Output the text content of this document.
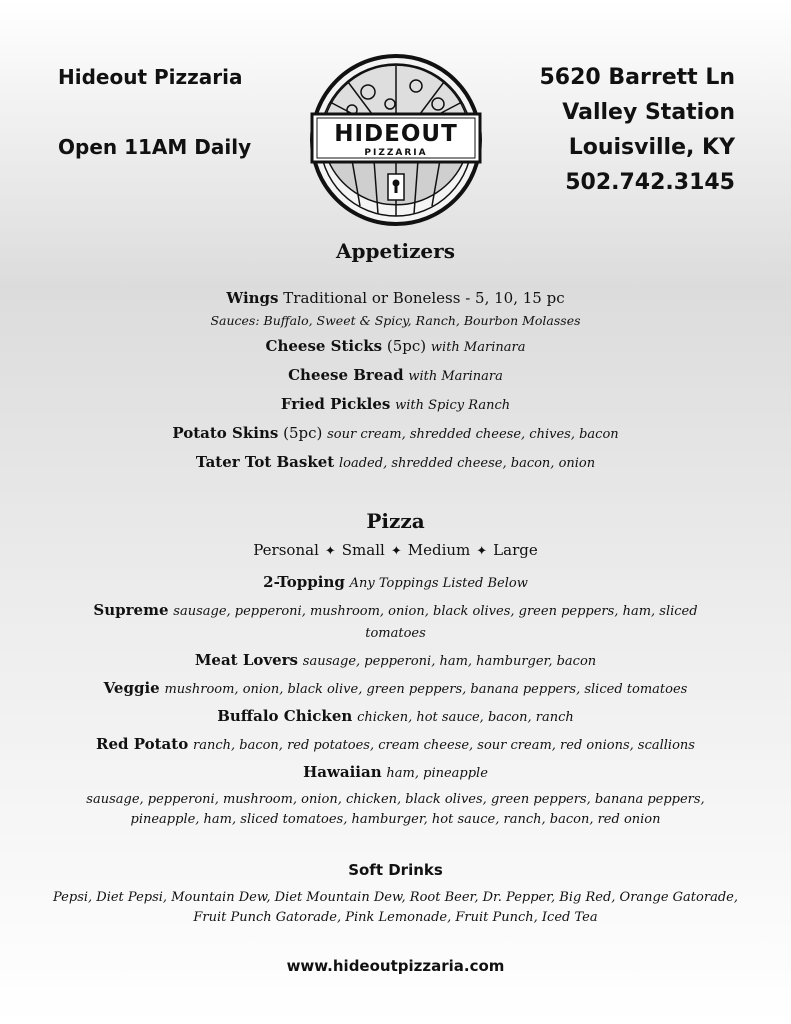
Hideout Pizzaria
Open 11AM Daily	HIDEOUT
PIZZARIA
5620 Barrett Ln
Valley Station
Louisville, KY
502.742.3145
Appetizers
Wings Traditional or Boneless - 5, 10, 15 pc
Sauces: Buffalo, Sweet & Spicy, Ranch, Bourbon Molasses
Cheese Sticks (5pc) with Marinara
Cheese Bread with Marinara
Fried Pickles with Spicy Ranch
Potato Skins (5pc) sour cream, shredded cheese, chives, bacon
Tater Tot Basket loaded, shredded cheese, bacon, onion
Pizza
Personal ✦ Small ✦ Medium ✦ Large
2-Topping Any Toppings Listed Below
Supreme sausage, pepperoni, mushroom, onion, black olives, green peppers, ham, sliced tomatoes
Meat Lovers sausage, pepperoni, ham, hamburger, bacon
Veggie mushroom, onion, black olive, green peppers, banana peppers, sliced tomatoes
Buffalo Chicken chicken, hot sauce, bacon, ranch
Red Potato ranch, bacon, red potatoes, cream cheese, sour cream, red onions, scallions
Hawaiian ham, pineapple
sausage, pepperoni, mushroom, onion, chicken, black olives, green peppers, banana peppers, pineapple, ham, sliced tomatoes, hamburger, hot sauce, ranch, bacon, red onion
Soft Drinks
Pepsi, Diet Pepsi, Mountain Dew, Diet Mountain Dew, Root Beer, Dr. Pepper, Big Red, Orange Gatorade, Fruit Punch Gatorade, Pink Lemonade, Fruit Punch, Iced Tea
www.hideoutpizzaria.com
